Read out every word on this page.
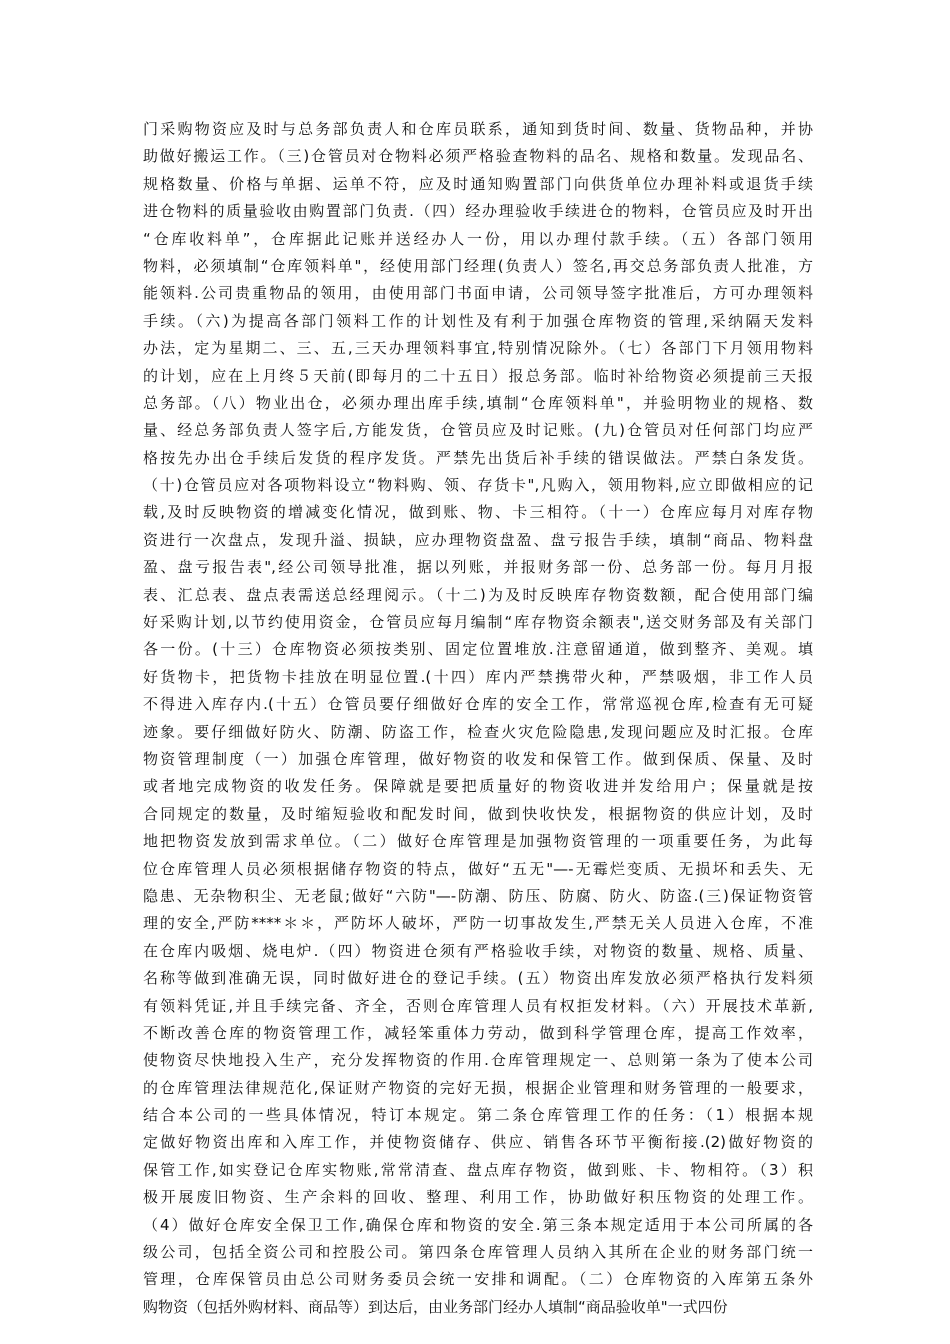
门采购物资应及时与总务部负责人和仓库员联系，通知到货时间、数量、货物品种，并协
助做好搬运工作。（三)仓管员对仓物料必须严格验查物料的品名、规格和数量。发现品名、
规格数量、价格与单据、运单不符，应及时通知购置部门向供货单位办理补料或退货手续
进仓物料的质量验收由购置部门负责.（四）经办理验收手续进仓的物料，仓管员应及时开出
“仓库收料单”，仓库据此记账并送经办人一份，用以办理付款手续。（五）各部门领用
物料，必须填制“仓库领料单"，经使用部门经理(负责人）签名,再交总务部负责人批准，方
能领料.公司贵重物品的领用，由使用部门书面申请，公司领导签字批准后，方可办理领料
手续。（六)为提高各部门领料工作的计划性及有利于加强仓库物资的管理,采纳隔天发料
办法，定为星期二、三、五,三天办理领料事宜,特别情况除外。（七）各部门下月领用物料
的计划，应在上月终５天前(即每月的二十五日）报总务部。临时补给物资必须提前三天报
总务部。（八）物业出仓，必须办理出库手续,填制“仓库领料单"，并验明物业的规格、数
量、经总务部负责人签字后,方能发货，仓管员应及时记账。(九)仓管员对任何部门均应严
格按先办出仓手续后发货的程序发货。严禁先出货后补手续的错误做法。严禁白条发货。
（十)仓管员应对各项物料设立“物料购、领、存货卡",凡购入，领用物料,应立即做相应的记
载,及时反映物资的增减变化情况，做到账、物、卡三相符。（十一）仓库应每月对库存物
资进行一次盘点，发现升溢、损缺，应办理物资盘盈、盘亏报告手续，填制“商品、物料盘
盈、盘亏报告表",经公司领导批准，据以列账，并报财务部一份、总务部一份。每月月报
表、汇总表、盘点表需送总经理阅示。（十二)为及时反映库存物资数额，配合使用部门编
好采购计划,以节约使用资金，仓管员应每月编制“库存物资余额表",送交财务部及有关部门
各一份。(十三）仓库物资必须按类别、固定位置堆放.注意留通道，做到整齐、美观。填
好货物卡，把货物卡挂放在明显位置.(十四）库内严禁携带火种，严禁吸烟，非工作人员
不得进入库存内.(十五）仓管员要仔细做好仓库的安全工作，常常巡视仓库,检查有无可疑
迹象。要仔细做好防火、防潮、防盗工作，检查火灾危险隐患,发现问题应及时汇报。仓库
物资管理制度（一）加强仓库管理，做好物资的收发和保管工作。做到保质、保量、及时
或者地完成物资的收发任务。保障就是要把质量好的物资收进并发给用户；保量就是按
合同规定的数量，及时缩短验收和配发时间，做到快收快发，根据物资的供应计划，及时
地把物资发放到需求单位。（二）做好仓库管理是加强物资管理的一项重要任务，为此每
位仓库管理人员必须根据储存物资的特点，做好“五无"—-无霉烂变质、无损坏和丢失、无
隐患、无杂物积尘、无老鼠;做好“六防"—-防潮、防压、防腐、防火、防盗.(三)保证物资管
理的安全,严防****＊＊，严防坏人破坏，严防一切事故发生,严禁无关人员进入仓库，不准
在仓库内吸烟、烧电炉.（四）物资进仓须有严格验收手续，对物资的数量、规格、质量、
名称等做到准确无误，同时做好进仓的登记手续。(五）物资出库发放必须严格执行发料须
有领料凭证,并且手续完备、齐全，否则仓库管理人员有权拒发材料。（六）开展技术革新,
不断改善仓库的物资管理工作，减轻笨重体力劳动，做到科学管理仓库，提高工作效率，
使物资尽快地投入生产，充分发挥物资的作用.仓库管理规定一、总则第一条为了使本公司
的仓库管理法律规范化,保证财产物资的完好无损，根据企业管理和财务管理的一般要求，
结合本公司的一些具体情况，特订本规定。第二条仓库管理工作的任务：（1）根据本规
定做好物资出库和入库工作，并使物资储存、供应、销售各环节平衡衔接.(2)做好物资的
保管工作,如实登记仓库实物账,常常清查、盘点库存物资，做到账、卡、物相符。（3）积
极开展废旧物资、生产余料的回收、整理、利用工作，协助做好积压物资的处理工作。
（4）做好仓库安全保卫工作,确保仓库和物资的安全.第三条本规定适用于本公司所属的各
级公司，包括全资公司和控股公司。第四条仓库管理人员纳入其所在企业的财务部门统一
管理，仓库保管员由总公司财务委员会统一安排和调配。（二）仓库物资的入库第五条外
购物资（包括外购材料、商品等）到达后，由业务部门经办人填制“商品验收单"一式四份
